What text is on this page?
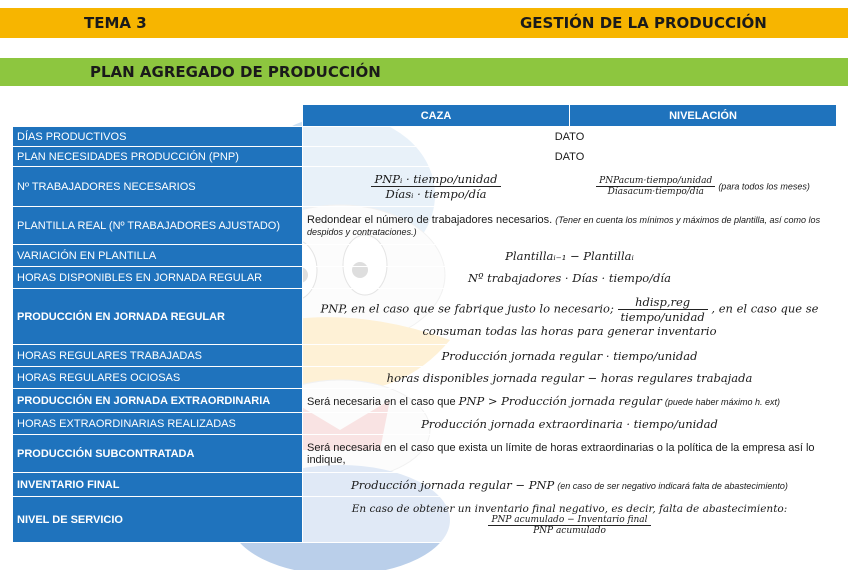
TEMA 3	GESTIÓN DE LA PRODUCCIÓN
PLAN AGREGADO DE PRODUCCIÓN
	CAZA	NIVELACIÓN
DÍAS PRODUCTIVOS	DATO	
PLAN NECESIDADES PRODUCCIÓN (PNP)	DATO	
Nº TRABAJADORES NECESARIOS	$\frac{\text{PNPᵢ · tiempo/unidad}}{\text{Díasᵢ · tiempo/día}}$	$\frac{\text{PNPacum·tiempo/unidad}}{\text{Díasacum·tiempo/día}}$ (para todos los meses)
PLANTILLA REAL (Nº TRABAJADORES AJUSTADO)	Redondear el número de trabajadores necesarios. (Tener en cuenta los mínimos y máximos de plantilla, así como los despidos y contrataciones.)	
VARIACIÓN EN PLANTILLA	Plantillaᵢ₋₁ − Plantillaᵢ	
HORAS DISPONIBLES EN JORNADA REGULAR	Nº trabajadores · Días · tiempo/día	
PRODUCCIÓN EN JORNADA REGULAR	PNP, en el caso que se fabrique justo lo necesario; $\frac{\text{hdisp,reg}}{\text{tiempo/unidad}}$ , en el caso que se
consuman todas las horas para generar inventario	
HORAS REGULARES TRABAJADAS	Producción jornada regular · tiempo/unidad	
HORAS REGULARES OCIOSAS	horas disponibles jornada regular − horas regulares trabajada	
PRODUCCIÓN EN JORNADA EXTRAORDINARIA	Será necesaria en el caso que PNP > Producción jornada regular (puede haber máximo h. ext)	
HORAS EXTRAORDINARIAS REALIZADAS	Producción jornada extraordinaria · tiempo/unidad	
PRODUCCIÓN SUBCONTRATADA	Será necesaria en el caso que exista un límite de horas extraordinarias o la política de la empresa así lo indique,	
INVENTARIO FINAL	Producción jornada regular − PNP (en caso de ser negativo indicará falta de abastecimiento)	
NIVEL DE SERVICIO	En caso de obtener un inventario final negativo, es decir, falta de abastecimiento:

$\frac{\text{PNP acumulado − Inventario final}}{\text{PNP acumulado}}$
